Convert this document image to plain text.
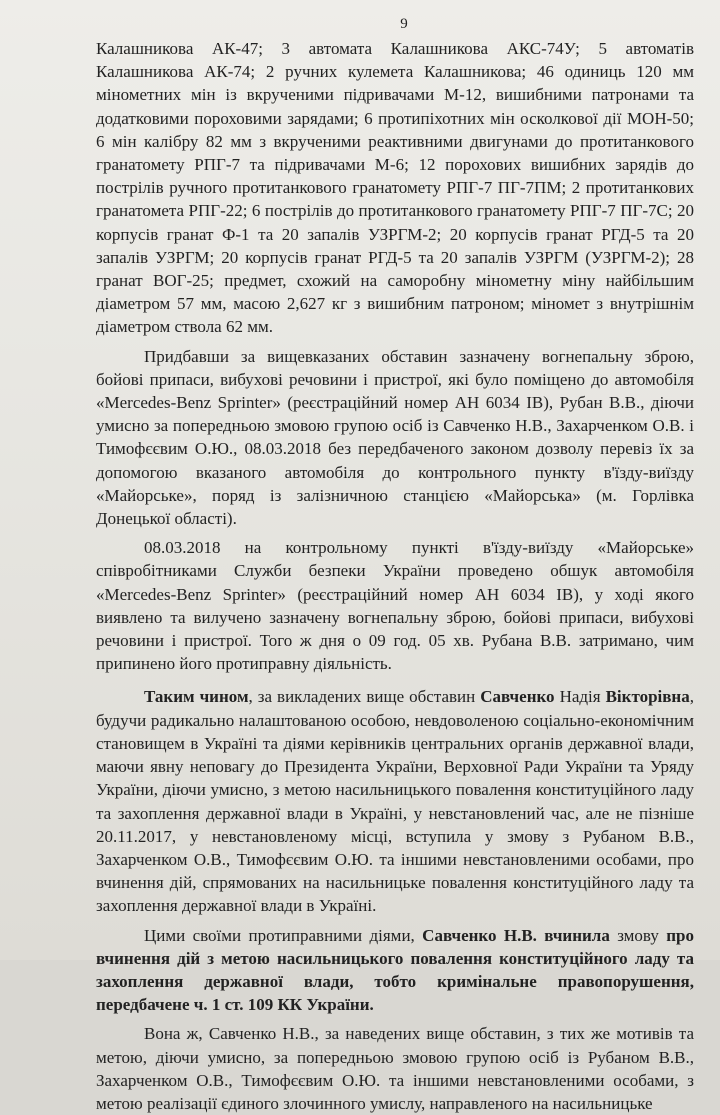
9

Калашникова АК-47; 3 автомата Калашникова АКС-74У; 5 автоматів Калашникова АК-74; 2 ручних кулемета Калашникова; 46 одиниць 120 мм мінометних мін із вкрученими підривачами М-12, вишибними патронами та додатковими пороховими зарядами; 6 протипіхотних мін осколкової дії МОН-50; 6 мін калібру 82 мм з вкрученими реактивними двигунами до протитанкового гранатомету РПГ-7 та підривачами М-6; 12 порохових вишибних зарядів до пострілів ручного протитанкового гранатомету РПГ-7 ПГ-7ПМ; 2 протитанкових гранатомета РПГ-22; 6 пострілів до протитанкового гранатомету РПГ-7 ПГ-7С; 20 корпусів гранат Ф-1 та 20 запалів УЗРГМ-2; 20 корпусів гранат РГД-5 та 20 запалів УЗРГМ; 20 корпусів гранат РГД-5 та 20 запалів УЗРГМ (УЗРГМ-2); 28 гранат ВОГ-25; предмет, схожий на саморобну мінометну міну найбільшим діаметром 57 мм, масою 2,627 кг з вишибним патроном; міномет з внутрішнім діаметром ствола 62 мм.

Придбавши за вищевказаних обставин зазначену вогнепальну зброю, бойові припаси, вибухові речовини і пристрої, які було поміщено до автомобіля «Mercedes-Benz Sprinter» (реєстраційний номер АН 6034 IB), Рубан В.В., діючи умисно за попередньою змовою групою осіб із Савченко Н.В., Захарченком О.В. і Тимофєєвим О.Ю., 08.03.2018 без передбаченого законом дозволу перевіз їх за допомогою вказаного автомобіля до контрольного пункту в'їзду-виїзду «Майорське», поряд із залізничною станцією «Майорська» (м. Горлівка Донецької області).

08.03.2018 на контрольному пункті в'їзду-виїзду «Майорське» співробітниками Служби безпеки України проведено обшук автомобіля «Mercedes-Benz Sprinter» (реєстраційний номер АН 6034 IB), у ході якого виявлено та вилучено зазначену вогнепальну зброю, бойові припаси, вибухові речовини і пристрої. Того ж дня о 09 год. 05 хв. Рубана В.В. затримано, чим припинено його протиправну діяльність.

Таким чином, за викладених вище обставин Савченко Надія Вікторівна, будучи радикально налаштованою особою, невдоволеною соціально-економічним становищем в Україні та діями керівників центральних органів державної влади, маючи явну неповагу до Президента України, Верховної Ради України та Уряду України, діючи умисно, з метою насильницького повалення конституційного ладу та захоплення державної влади в Україні, у невстановлений час, але не пізніше 20.11.2017, у невстановленому місці, вступила у змову з Рубаном В.В., Захарченком О.В., Тимофєєвим О.Ю. та іншими невстановленими особами, про вчинення дій, спрямованих на насильницьке повалення конституційного ладу та захоплення державної влади в Україні.

Цими своїми протиправними діями, Савченко Н.В. вчинила змову про вчинення дій з метою насильницького повалення конституційного ладу та захоплення державної влади, тобто кримінальне правопорушення, передбачене ч. 1 ст. 109 КК України.

Вона ж, Савченко Н.В., за наведених вище обставин, з тих же мотивів та метою, діючи умисно, за попередньою змовою групою осіб із Рубаном В.В., Захарченком О.В., Тимофєєвим О.Ю. та іншими невстановленими особами, з метою реалізації єдиного злочинного умислу, направленого на насильницьке
